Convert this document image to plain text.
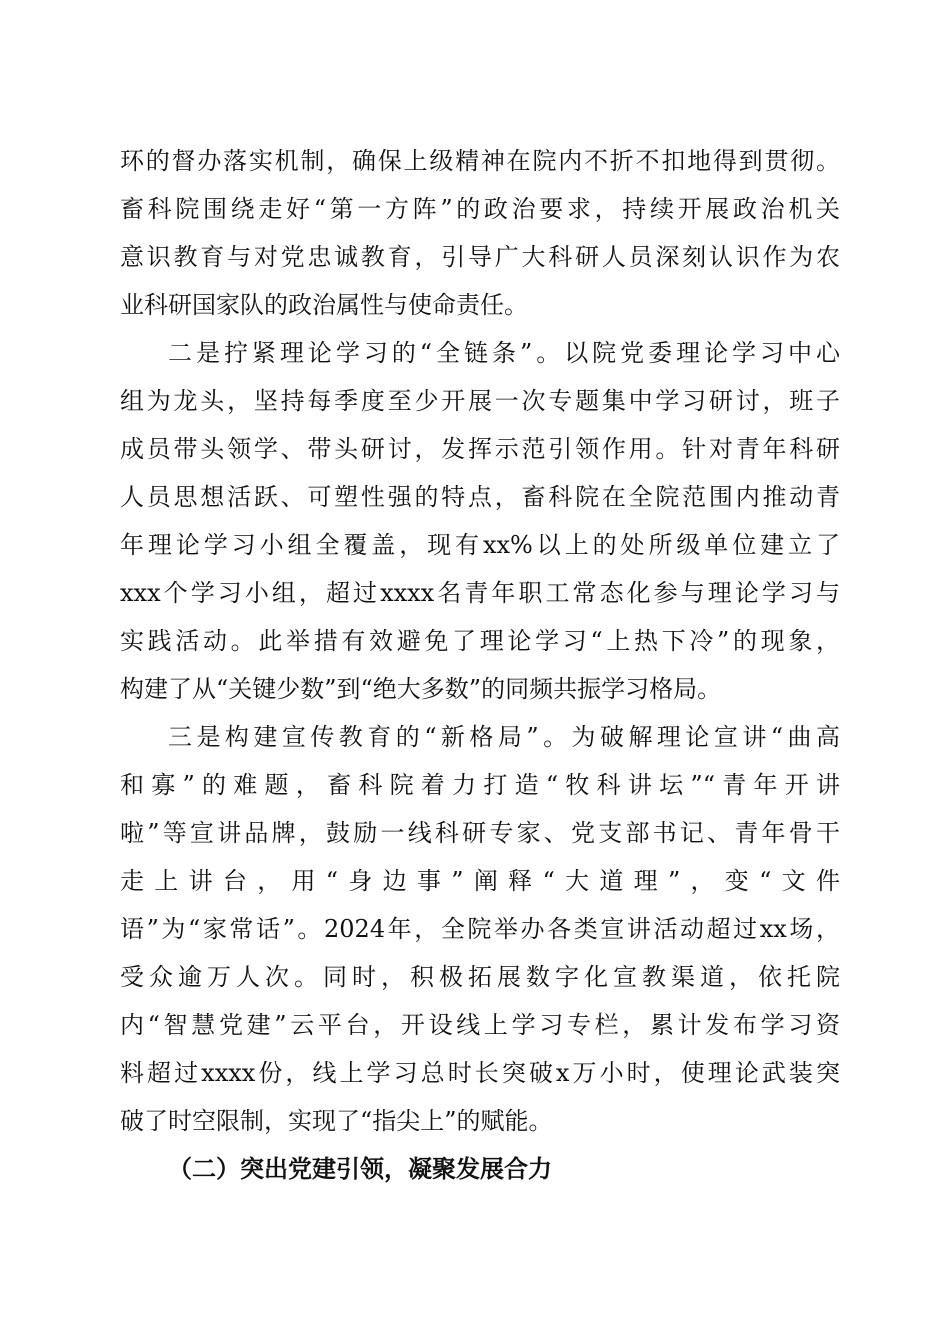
环的督办落实机制，确保上级精神在院内不折不扣地得到贯彻。
畜科院围绕走好“第一方阵”的政治要求，持续开展政治机关
意识教育与对党忠诚教育，引导广大科研人员深刻认识作为农
业科研国家队的政治属性与使命责任。
二是拧紧理论学习的“全链条”。以院党委理论学习中心
组为龙头，坚持每季度至少开展一次专题集中学习研讨，班子
成员带头领学、带头研讨，发挥示范引领作用。针对青年科研
人员思想活跃、可塑性强的特点，畜科院在全院范围内推动青
年理论学习小组全覆盖，现有xx%以上的处所级单位建立了
xxx个学习小组，超过xxxx名青年职工常态化参与理论学习与
实践活动。此举措有效避免了理论学习“上热下冷”的现象，
构建了从“关键少数”到“绝大多数”的同频共振学习格局。
三是构建宣传教育的“新格局”。为破解理论宣讲“曲高
和寡”的难题，畜科院着力打造“牧科讲坛”“青年开讲
啦”等宣讲品牌，鼓励一线科研专家、党支部书记、青年骨干
走上讲台，用“身边事”阐释“大道理”，变“文件
语”为“家常话”。2024年，全院举办各类宣讲活动超过xx场，
受众逾万人次。同时，积极拓展数字化宣教渠道，依托院
内“智慧党建”云平台，开设线上学习专栏，累计发布学习资
料超过xxxx份，线上学习总时长突破x万小时，使理论武装突
破了时空限制，实现了“指尖上”的赋能。
（二）突出党建引领，凝聚发展合力
